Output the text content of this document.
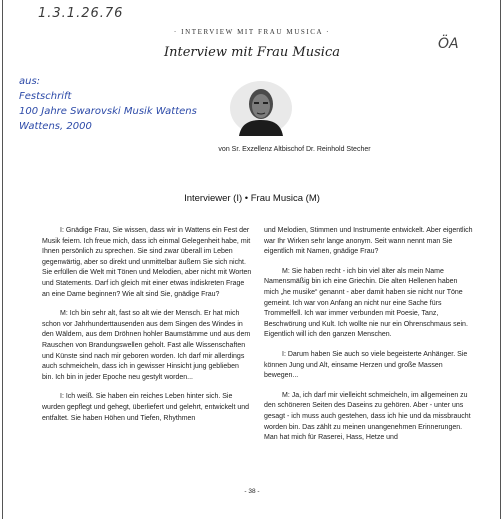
1.3.1.26.76
ÖA
aus:
Festschrift
100 Jahre Swarovski Musik Wattens
Wattens, 2000
· INTERVIEW MIT FRAU MUSICA ·
Interview mit Frau Musica
von Sr. Exzellenz Altbischof Dr. Reinhold Stecher
Interviewer (I) • Frau Musica (M)

I: Gnädige Frau, Sie wissen, dass wir in Wattens ein Fest der Musik feiern. Ich freue mich, dass ich einmal Gelegenheit habe, mit Ihnen persönlich zu sprechen. Sie sind zwar überall im Leben gegenwärtig, aber so direkt und unmittelbar äußern Sie sich nicht. Sie erfüllen die Welt mit Tönen und Melodien, aber nicht mit Worten und Statements. Darf ich gleich mit einer etwas indiskreten Frage an eine Dame beginnen? Wie alt sind Sie, gnädige Frau?

M: Ich bin sehr alt, fast so alt wie der Mensch. Er hat mich schon vor Jahrhunderttausenden aus dem Singen des Windes in den Wäldern, aus dem Dröhnen hohler Baumstämme und aus dem Rauschen von Brandungswellen geholt. Fast alle Wissenschaften und Künste sind nach mir geboren worden. Ich darf mir allerdings auch schmeicheln, dass ich in gewisser Hinsicht jung geblieben bin. Ich bin in jeder Epoche neu gestylt worden...

I: Ich weiß. Sie haben ein reiches Leben hinter sich. Sie wurden gepflegt und gehegt, überliefert und gelehrt, entwickelt und entfaltet. Sie haben Höhen und Tiefen, Rhythmen

und Melodien, Stimmen und Instrumente entwickelt. Aber eigentlich war Ihr Wirken sehr lange anonym. Seit wann nennt man Sie eigentlich mit Namen, gnädige Frau?

M: Sie haben recht - ich bin viel älter als mein Name Namensmäßig bin ich eine Griechin. Die alten Hellenen haben mich „he musike“ genannt - aber damit haben sie nicht nur Töne gemeint. Ich war von Anfang an nicht nur eine Sache fürs Trommelfell. Ich war immer verbunden mit Poesie, Tanz, Beschwörung und Kult. Ich wollte nie nur ein Ohrenschmaus sein. Eigentlich will ich den ganzen Menschen.

I: Darum haben Sie auch so viele begeisterte Anhänger. Sie können Jung und Alt, einsame Herzen und große Massen bewegen...

M: Ja, ich darf mir vielleicht schmeicheln, im allgemeinen zu den schöneren Seiten des Daseins zu gehören. Aber - unter uns gesagt - ich muss auch gestehen, dass ich hie und da missbraucht worden bin. Das zählt zu meinen unangenehmen Erinnerungen. Man hat mich für Raserei, Hass, Hetze und

- 38 -
